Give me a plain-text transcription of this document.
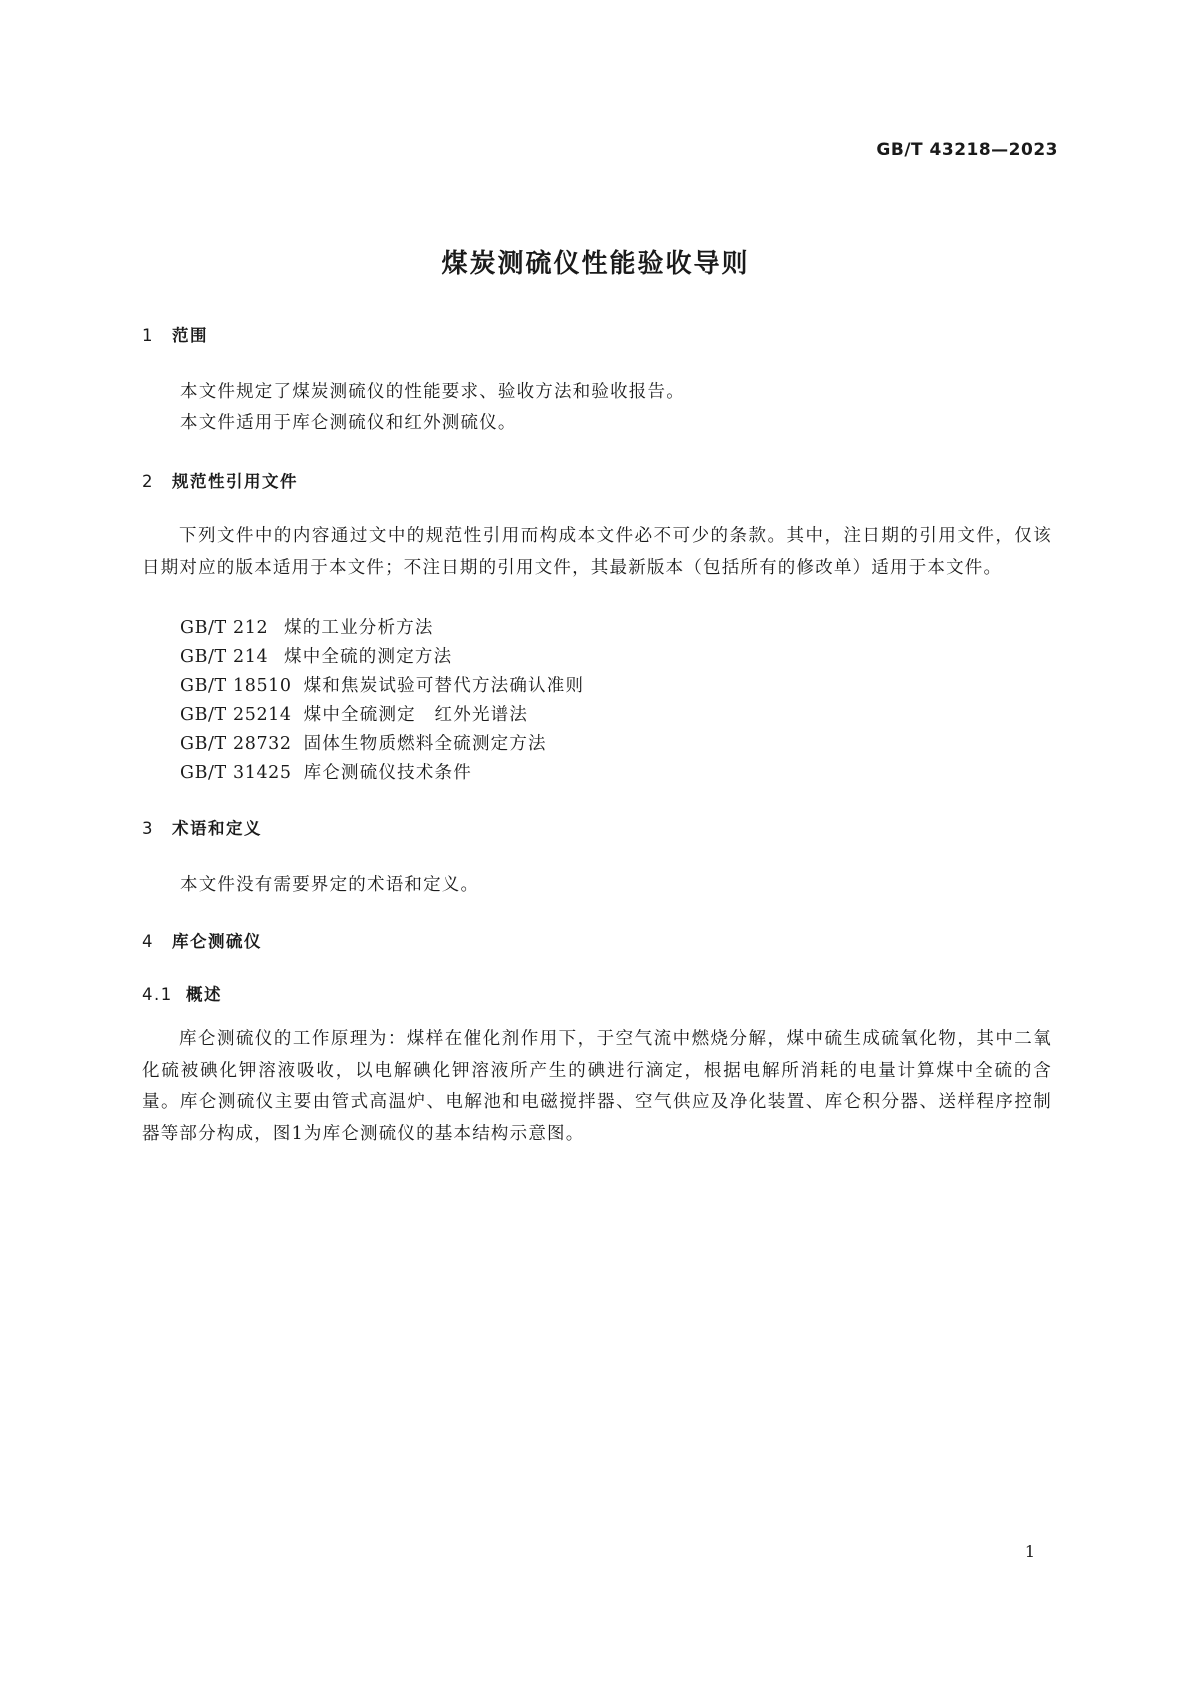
GB/T 43218—2023
煤炭测硫仪性能验收导则
1 范围
本文件规定了煤炭测硫仪的性能要求、验收方法和验收报告。
本文件适用于库仑测硫仪和红外测硫仪。
2 规范性引用文件

下列文件中的内容通过文中的规范性引用而构成本文件必不可少的条款。其中，注日期的引用文件，仅该日期对应的版本适用于本文件；不注日期的引用文件，其最新版本（包括所有的修改单）适用于本文件。

GB/T 212 煤的工业分析方法
GB/T 214 煤中全硫的测定方法
GB/T 18510 煤和焦炭试验可替代方法确认准则
GB/T 25214 煤中全硫测定　红外光谱法
GB/T 28732 固体生物质燃料全硫测定方法
GB/T 31425 库仑测硫仪技术条件
3 术语和定义
本文件没有需要界定的术语和定义。
4 库仑测硫仪
4.1 概述

库仑测硫仪的工作原理为：煤样在催化剂作用下，于空气流中燃烧分解，煤中硫生成硫氧化物，其中二氧化硫被碘化钾溶液吸收，以电解碘化钾溶液所产生的碘进行滴定，根据电解所消耗的电量计算煤中全硫的含量。库仑测硫仪主要由管式高温炉、电解池和电磁搅拌器、空气供应及净化装置、库仑积分器、送样程序控制器等部分构成，图1为库仑测硫仪的基本结构示意图。

1
